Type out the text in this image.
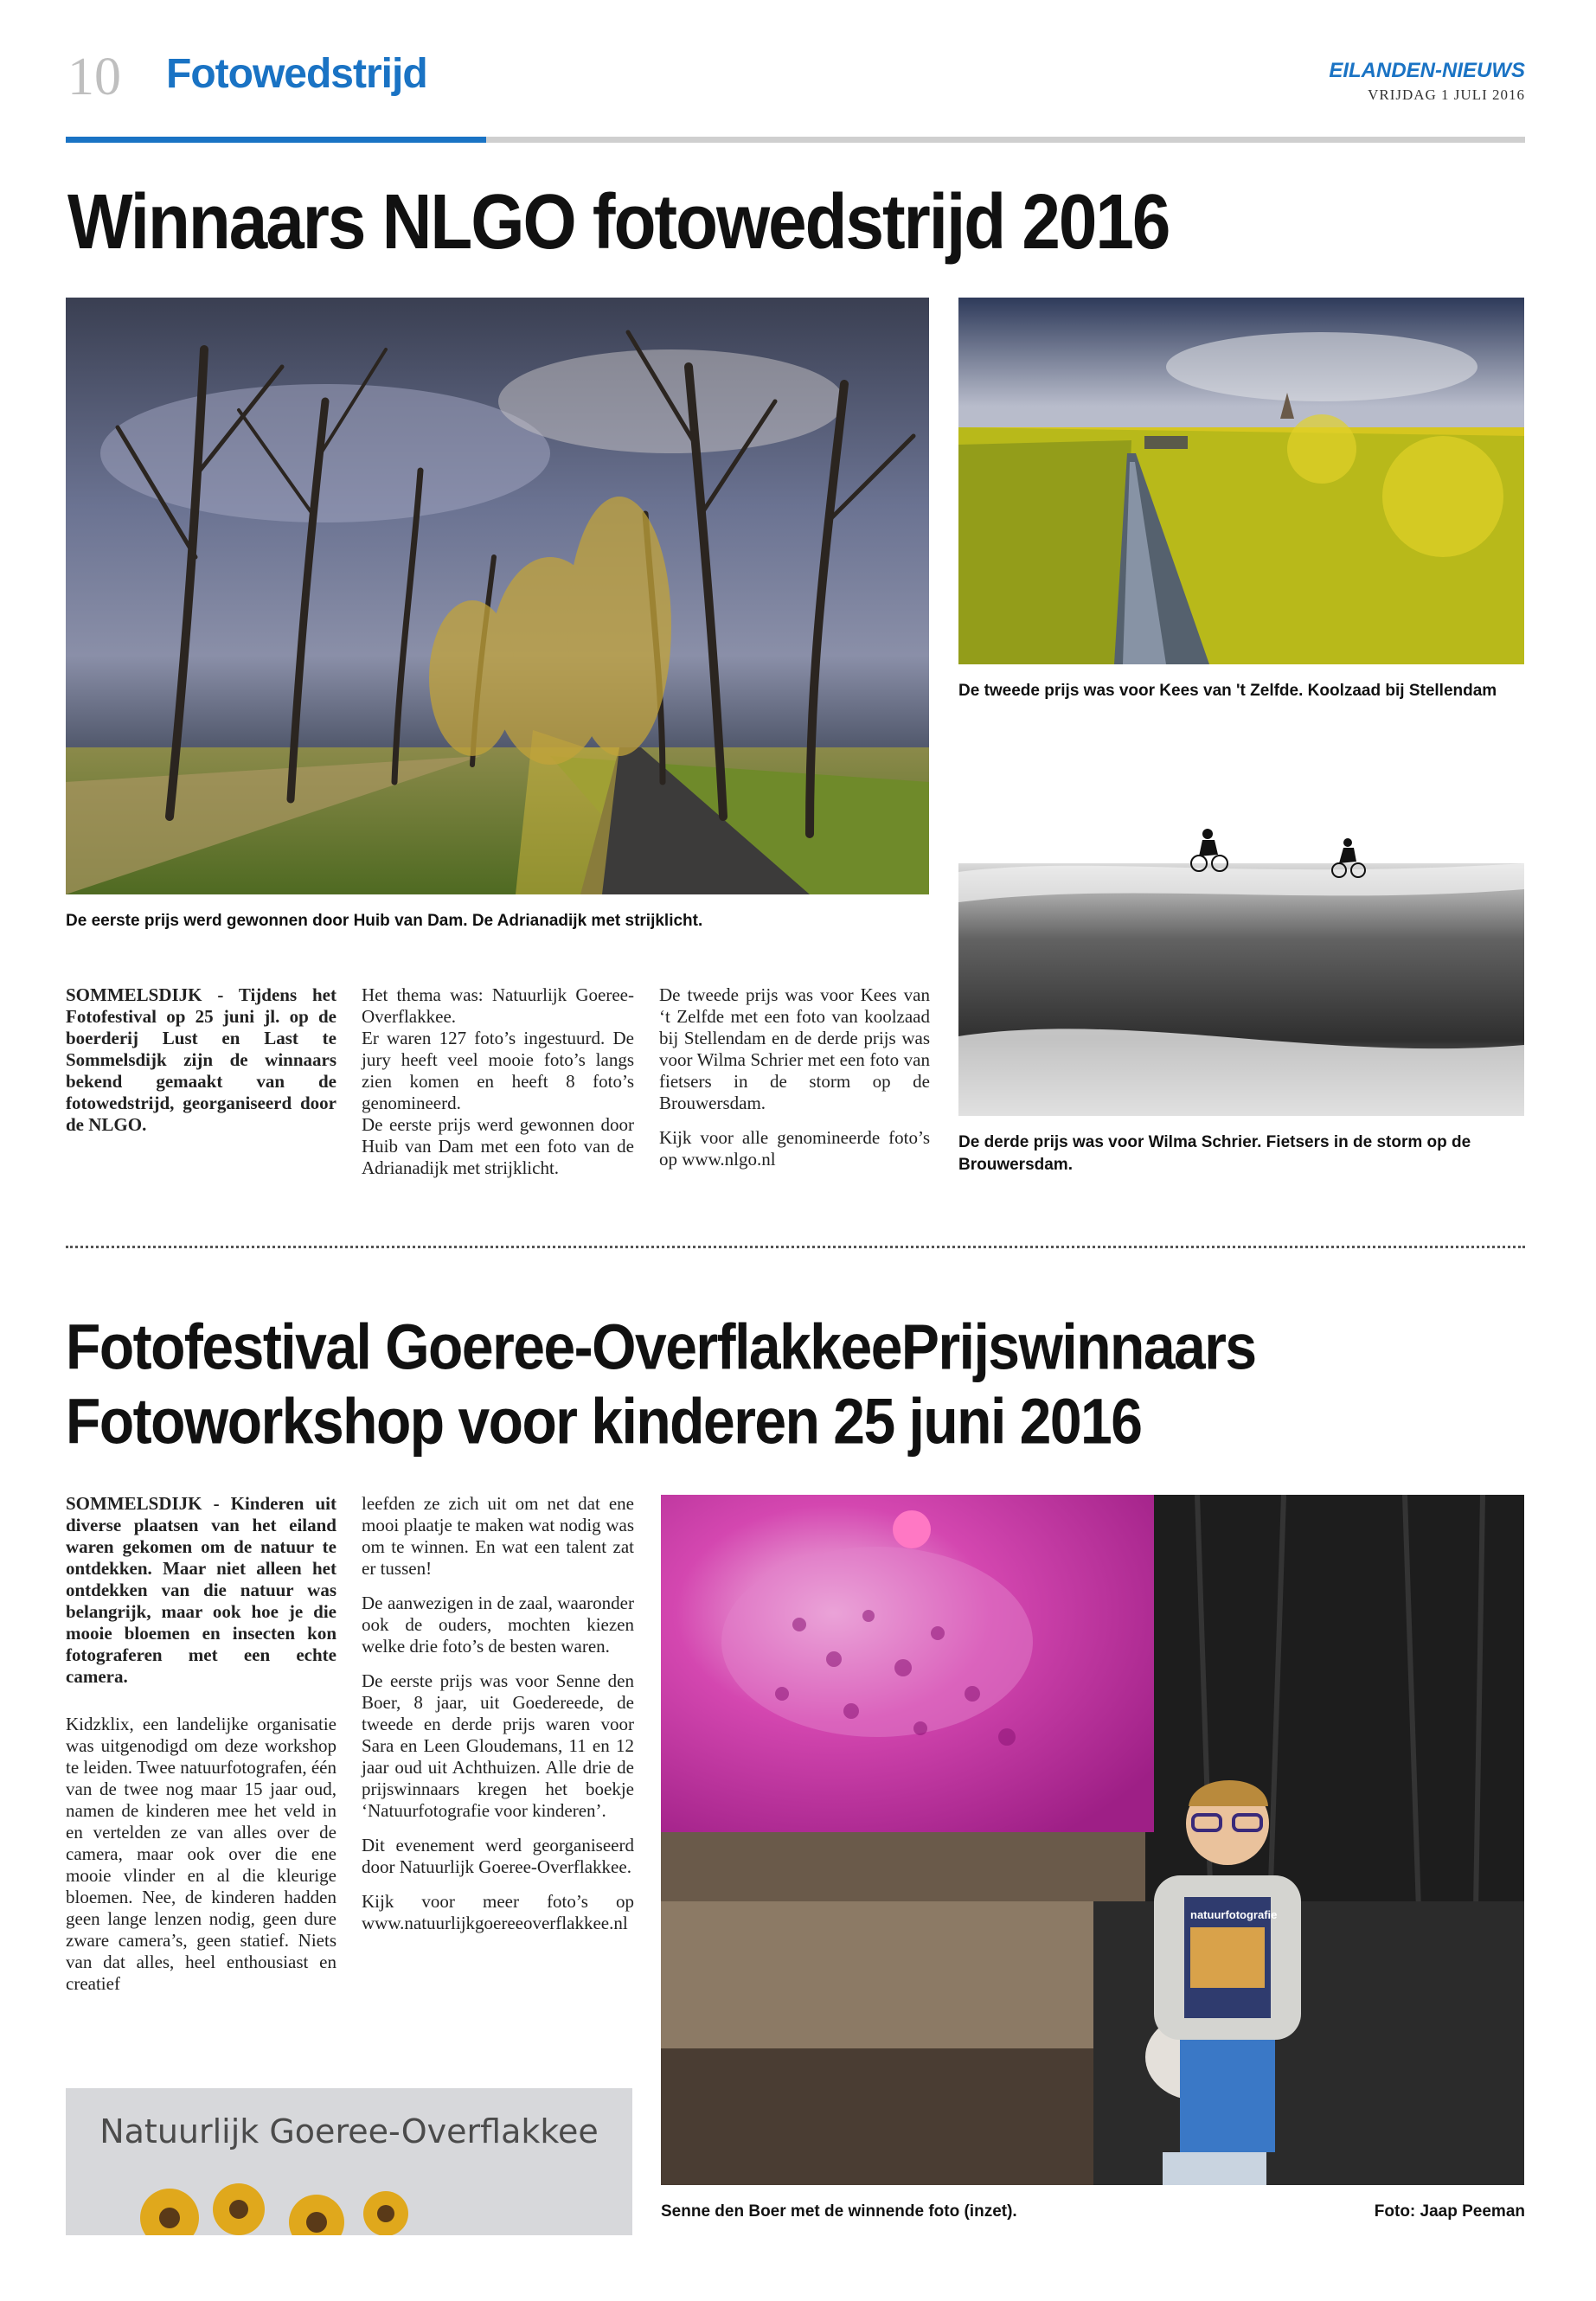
10 Fotowedstrijd	EILANDEN-NIEUWS
VRIJDAG 1 JULI 2016
Winnaars NLGO fotowedstrijd 2016
De eerste prijs werd gewonnen door Huib van Dam. De Adrianadijk met strijklicht.
De tweede prijs was voor Kees van 't Zelfde. Koolzaad bij Stellendam
De derde prijs was voor Wilma Schrier. Fietsers in de storm op de Brouwersdam.

SOMMELSDIJK - Tijdens het Fotofestival op 25 juni jl. op de boerderij Lust en Last te Sommelsdijk zijn de winnaars bekend gemaakt van de fotowedstrijd, georganiseerd door de NLGO.

Het thema was: Natuurlijk Goeree-Overflakkee.

Er waren 127 foto’s ingestuurd. De jury heeft veel mooie foto’s langs zien komen en heeft 8 foto’s genomineerd.

De eerste prijs werd gewonnen door Huib van Dam met een foto van de Adrianadijk met strijklicht.

De tweede prijs was voor Kees van ‘t Zelfde met een foto van koolzaad bij Stellendam en de derde prijs was voor Wilma Schrier met een foto van fietsers in de storm op de Brouwersdam.

Kijk voor alle genomineerde foto’s op www.nlgo.nl

Fotofestival Goeree-OverflakkeePrijswinnaars
Fotoworkshop voor kinderen 25 juni 2016

SOMMELSDIJK - Kinderen uit diverse plaatsen van het eiland waren gekomen om de natuur te ontdekken. Maar niet alleen het ontdekken van die natuur was belangrijk, maar ook hoe je die mooie bloemen en insecten kon fotograferen met een echte camera.

Kidzklix, een landelijke organisatie was uitgenodigd om deze workshop te leiden. Twee natuurfotografen, één van de twee nog maar 15 jaar oud, namen de kinderen mee het veld in en vertelden ze van alles over de camera, maar ook over die ene mooie vlinder en al die kleurige bloemen. Nee, de kinderen hadden geen lange lenzen nodig, geen dure zware camera’s, geen statief. Niets van dat alles, heel enthousiast en creatief

leefden ze zich uit om net dat ene mooi plaatje te maken wat nodig was om te winnen. En wat een talent zat er tussen!

De aanwezigen in de zaal, waaronder ook de ouders, mochten kiezen welke drie foto’s de besten waren.

De eerste prijs was voor Senne den Boer, 8 jaar, uit Goedereede, de tweede en derde prijs waren voor Sara en Leen Gloudemans, 11 en 12 jaar oud uit Achthuizen. Alle drie de prijswinnaars kregen het boekje ‘Natuurfotografie voor kinderen’.

Dit evenement werd georganiseerd door Natuurlijk Goeree-Overflakkee.

Kijk voor meer foto’s op www.natuurlijkgoereeoverflakkee.nl	natuurfotografie
Natuurlijk Goeree-Overflakkee
Senne den Boer met de winnende foto (inzet).	Foto: Jaap Peeman
